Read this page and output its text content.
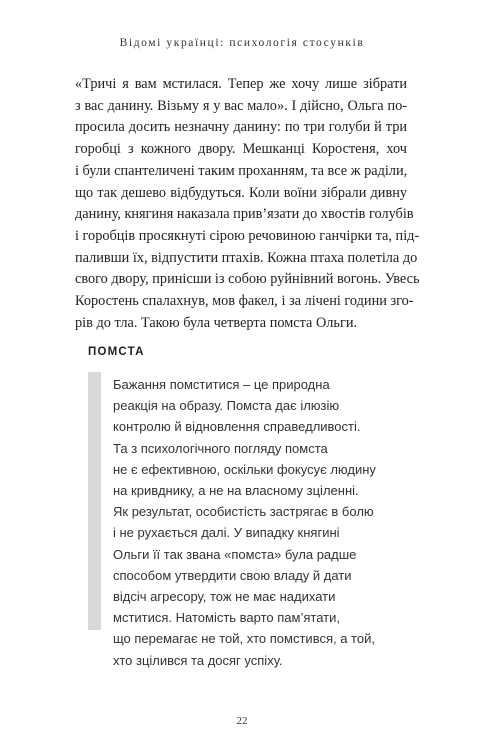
Відомі українці: психологія стосунків
«Тричі я вам мстилася. Тепер же хочу лише зібрати
з вас данину. Візьму я у вас мало». І дійсно, Ольга по-
просила досить незначну данину: по три голуби й три
горобці з кожного двору. Мешканці Коростеня, хоч
і були спантеличені таким проханням, та все ж раділи,
що так дешево відбудуться. Коли воїни зібрали дивну
данину, княгиня наказала прив’язати до хвостів голубів
і горобців просякнуті сірою речовиною ганчірки та, під-
паливши їх, відпустити птахів. Кожна птаха полетіла до
свого двору, принісши із собою руйнівний вогонь. Увесь
Коростень спалахнув, мов факел, і за лічені години зго-
рів до тла. Такою була четверта помста Ольги.
ПОМСТА
Бажання помститися – це природна
реакція на образу. Помста дає ілюзію
контролю й відновлення справедливості.
Та з психологічного погляду помста
не є ефективною, оскільки фокусує людину
на кривднику, а не на власному зціленні.
Як результат, особистість застрягає в болю
і не рухається далі. У випадку княгині
Ольги її так звана «помста» була радше
способом утвердити свою владу й дати
відсіч агресору, тож не має надихати
мститися. Натомість варто пам’ятати,
що перемагає не той, хто помстився, а той,
хто зцілився та досяг успіху.
22
